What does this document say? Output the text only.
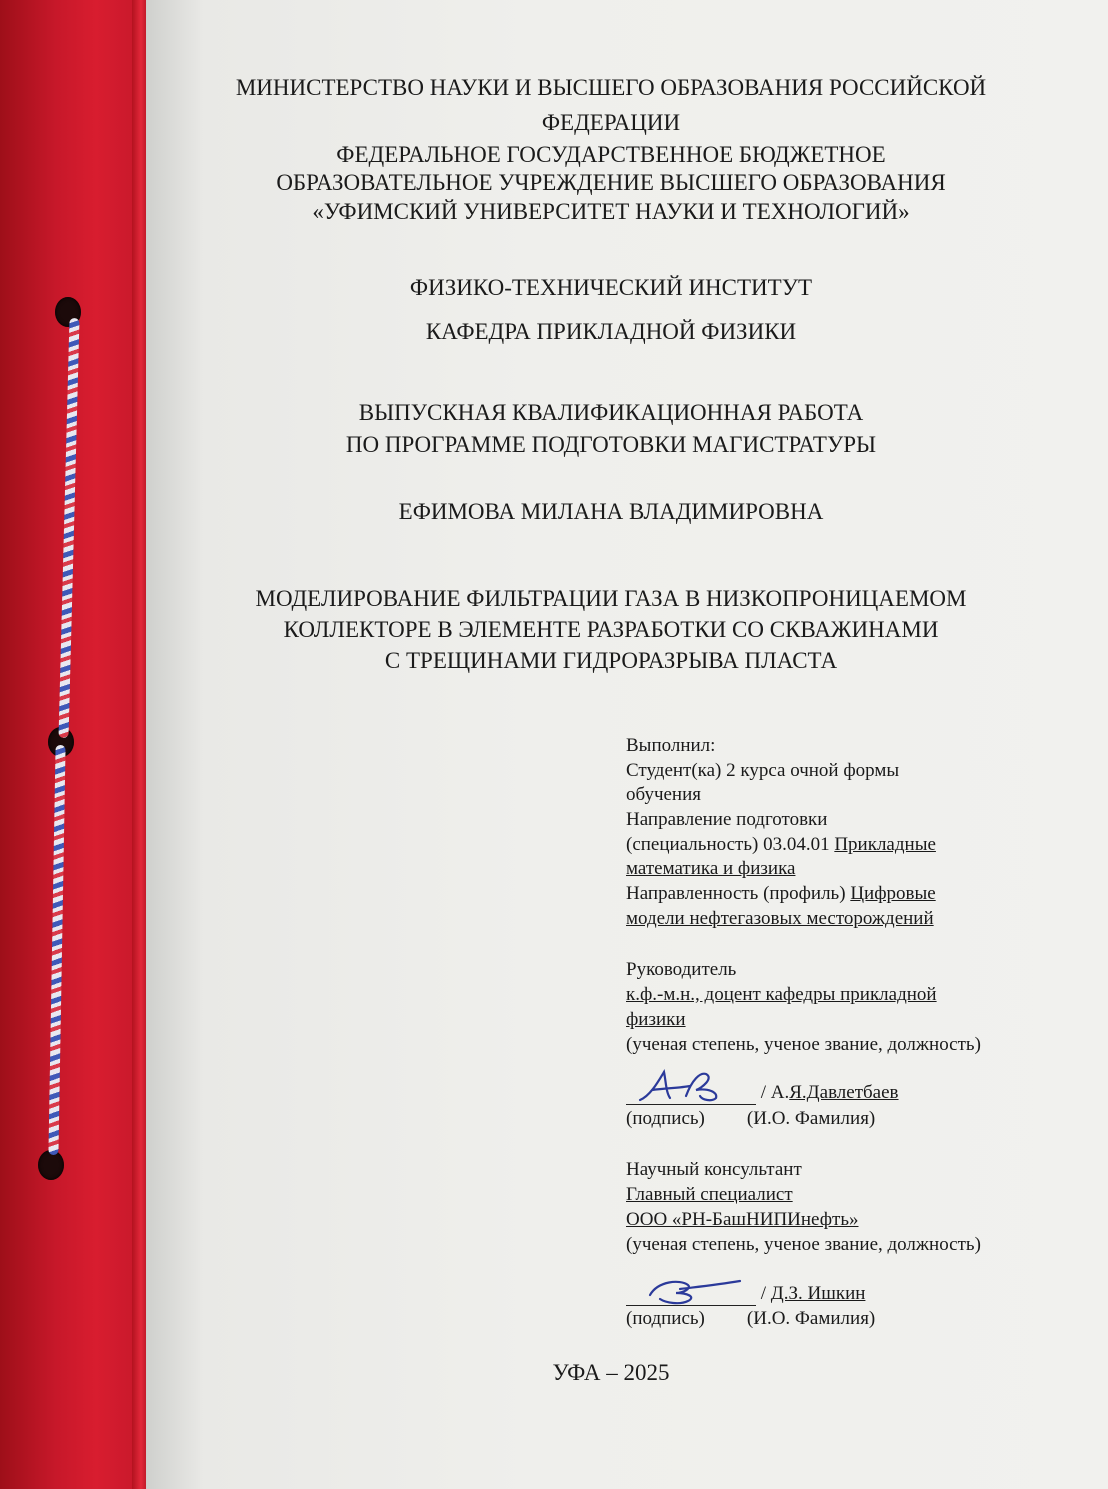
МИНИСТЕРСТВО НАУКИ И ВЫСШЕГО ОБРАЗОВАНИЯ РОССИЙСКОЙ
ФЕДЕРАЦИИ
ФЕДЕРАЛЬНОЕ ГОСУДАРСТВЕННОЕ БЮДЖЕТНОЕ
ОБРАЗОВАТЕЛЬНОЕ УЧРЕЖДЕНИЕ ВЫСШЕГО ОБРАЗОВАНИЯ
«УФИМСКИЙ УНИВЕРСИТЕТ НАУКИ И ТЕХНОЛОГИЙ»
ФИЗИКО-ТЕХНИЧЕСКИЙ ИНСТИТУТ
КАФЕДРА ПРИКЛАДНОЙ ФИЗИКИ
ВЫПУСКНАЯ КВАЛИФИКАЦИОННАЯ РАБОТА
ПО ПРОГРАММЕ ПОДГОТОВКИ МАГИСТРАТУРЫ
ЕФИМОВА МИЛАНА ВЛАДИМИРОВНА
МОДЕЛИРОВАНИЕ ФИЛЬТРАЦИИ ГАЗА В НИЗКОПРОНИЦАЕМОМ
КОЛЛЕКТОРЕ В ЭЛЕМЕНТЕ РАЗРАБОТКИ СО СКВАЖИНАМИ
С ТРЕЩИНАМИ ГИДРОРАЗРЫВА ПЛАСТА
Выполнил:
Студент(ка) 2 курса очной формы
обучения
Направление подготовки
(специальность) 03.04.01 Прикладные
математика и физика
Направленность (профиль) Цифровые
модели нефтегазовых месторождений
Руководитель
к.ф.-м.н., доцент кафедры прикладной
физики
(ученая степень, ученое звание, должность)
/ А.Я.Давлетбаев
(подпись) (И.О. Фамилия)
Научный консультант
Главный специалист
ООО «РН-БашНИПИнефть»
(ученая степень, ученое звание, должность)
/ Д.З. Ишкин
(подпись) (И.О. Фамилия)
УФА – 2025
